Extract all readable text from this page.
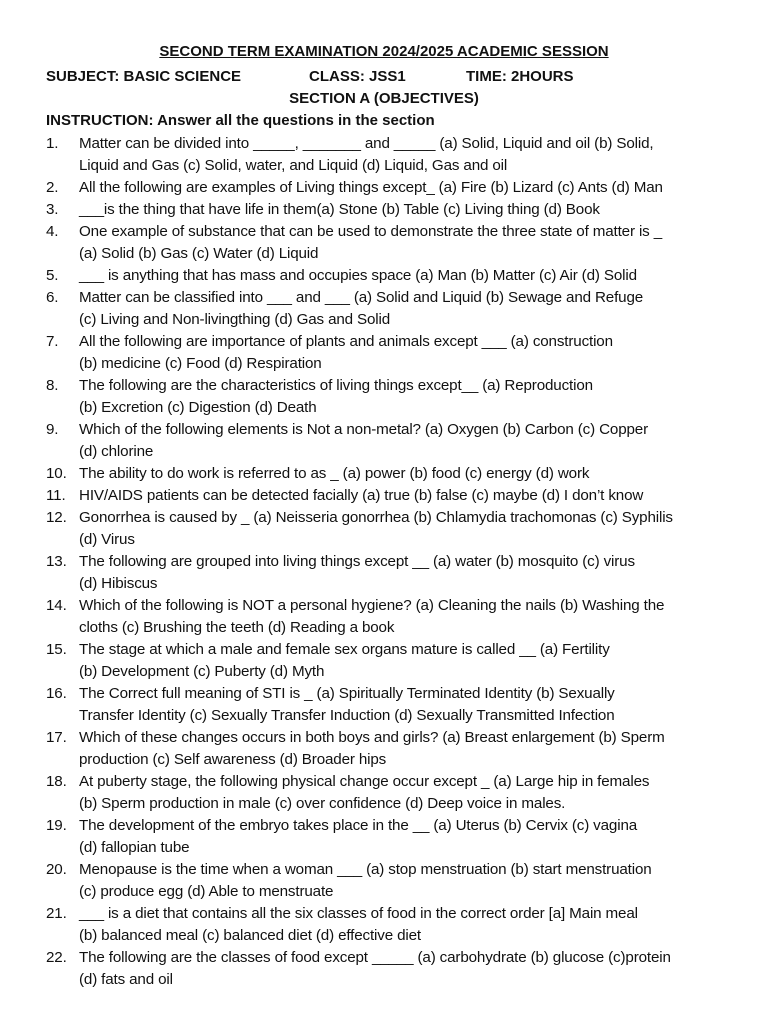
SECOND TERM EXAMINATION 2024/2025 ACADEMIC SESSION
SUBJECT: BASIC SCIENCE	CLASS: JSS1	TIME: 2HOURS
SECTION A (OBJECTIVES)
INSTRUCTION: Answer all the questions in the section
1. Matter can be divided into _____, _______ and _____ (a) Solid, Liquid and oil (b) Solid,
Liquid and Gas (c) Solid, water, and Liquid (d) Liquid, Gas and oil
2. All the following are examples of Living things except_ (a) Fire (b) Lizard (c) Ants (d) Man
3. ___is the thing that have life in them(a) Stone (b) Table (c) Living thing (d) Book
4. One example of substance that can be used to demonstrate the three state of matter is _
(a) Solid (b) Gas (c) Water (d) Liquid
5. ___ is anything that has mass and occupies space (a) Man (b) Matter (c) Air (d) Solid
6. Matter can be classified into ___ and ___ (a) Solid and Liquid (b) Sewage and Refuge
(c) Living and Non-livingthing (d) Gas and Solid
7. All the following are importance of plants and animals except ___ (a) construction
(b) medicine (c) Food (d) Respiration
8. The following are the characteristics of living things except__ (a) Reproduction
(b) Excretion (c) Digestion (d) Death
9. Which of the following elements is Not a non-metal? (a) Oxygen (b) Carbon (c) Copper
(d) chlorine
10. The ability to do work is referred to as _ (a) power (b) food (c) energy (d) work
11. HIV/AIDS patients can be detected facially (a) true (b) false (c) maybe (d) I don’t know
12. Gonorrhea is caused by _ (a) Neisseria gonorrhea (b) Chlamydia trachomonas (c) Syphilis
(d) Virus
13. The following are grouped into living things except __ (a) water (b) mosquito (c) virus
(d) Hibiscus
14. Which of the following is NOT a personal hygiene? (a) Cleaning the nails (b) Washing the
cloths (c) Brushing the teeth (d) Reading a book
15. The stage at which a male and female sex organs mature is called __ (a) Fertility
(b) Development (c) Puberty (d) Myth
16. The Correct full meaning of STI is _ (a) Spiritually Terminated Identity (b) Sexually
Transfer Identity (c) Sexually Transfer Induction (d) Sexually Transmitted Infection
17. Which of these changes occurs in both boys and girls? (a) Breast enlargement (b) Sperm
production (c) Self awareness (d) Broader hips
18. At puberty stage, the following physical change occur except _ (a) Large hip in females
(b) Sperm production in male (c) over confidence (d) Deep voice in males.
19. The development of the embryo takes place in the __ (a) Uterus (b) Cervix (c) vagina
(d) fallopian tube
20. Menopause is the time when a woman ___ (a) stop menstruation (b) start menstruation
(c) produce egg (d) Able to menstruate
21. ___ is a diet that contains all the six classes of food in the correct order [a] Main meal
(b) balanced meal (c) balanced diet (d) effective diet
22. The following are the classes of food except _____ (a) carbohydrate (b) glucose (c)protein
(d) fats and oil
